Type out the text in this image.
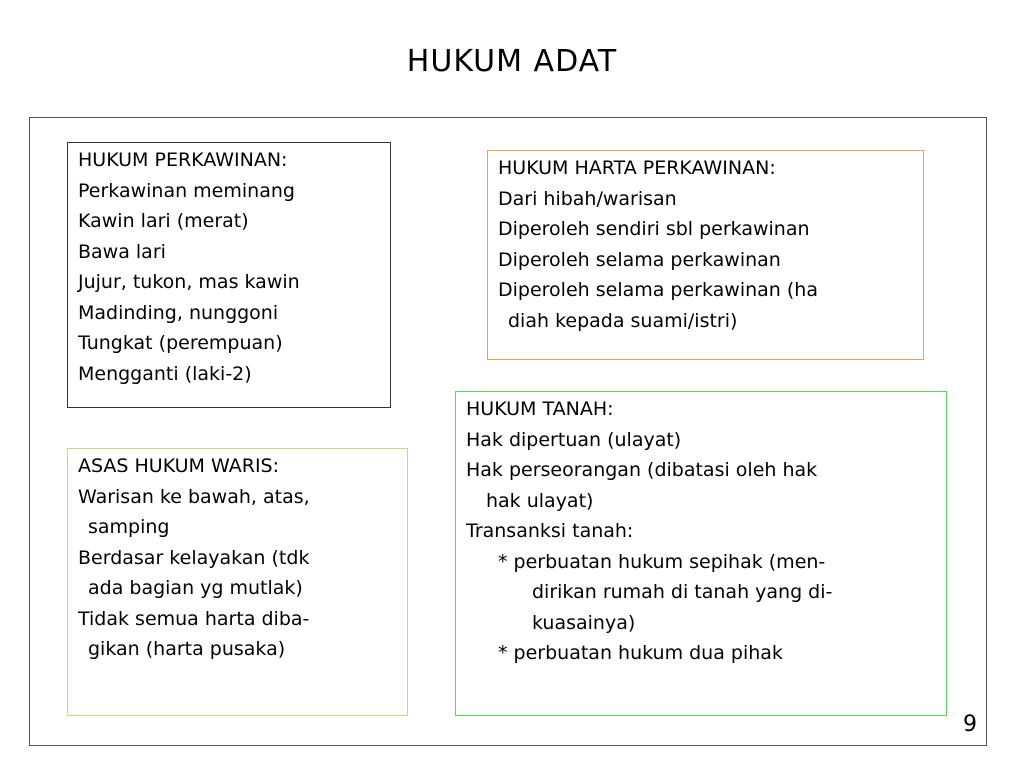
HUKUM ADAT
HUKUM PERKAWINAN:
Perkawinan meminang
Kawin lari (merat)
Bawa lari
Jujur, tukon, mas kawin
Madinding, nunggoni
Tungkat (perempuan)
Mengganti (laki-2)
HUKUM HARTA PERKAWINAN:
Dari hibah/warisan
Diperoleh sendiri sbl perkawinan
Diperoleh selama perkawinan
Diperoleh selama perkawinan (ha
diah kepada suami/istri)
ASAS HUKUM WARIS:
Warisan ke bawah, atas,
samping
Berdasar kelayakan (tdk
ada bagian yg mutlak)
Tidak semua harta diba-
gikan (harta pusaka)
HUKUM TANAH:
Hak dipertuan (ulayat)
Hak perseorangan (dibatasi oleh hak
hak ulayat)
Transanksi tanah:
* perbuatan hukum sepihak (men-
dirikan rumah di tanah yang di-
kuasainya)
* perbuatan hukum dua pihak
9
